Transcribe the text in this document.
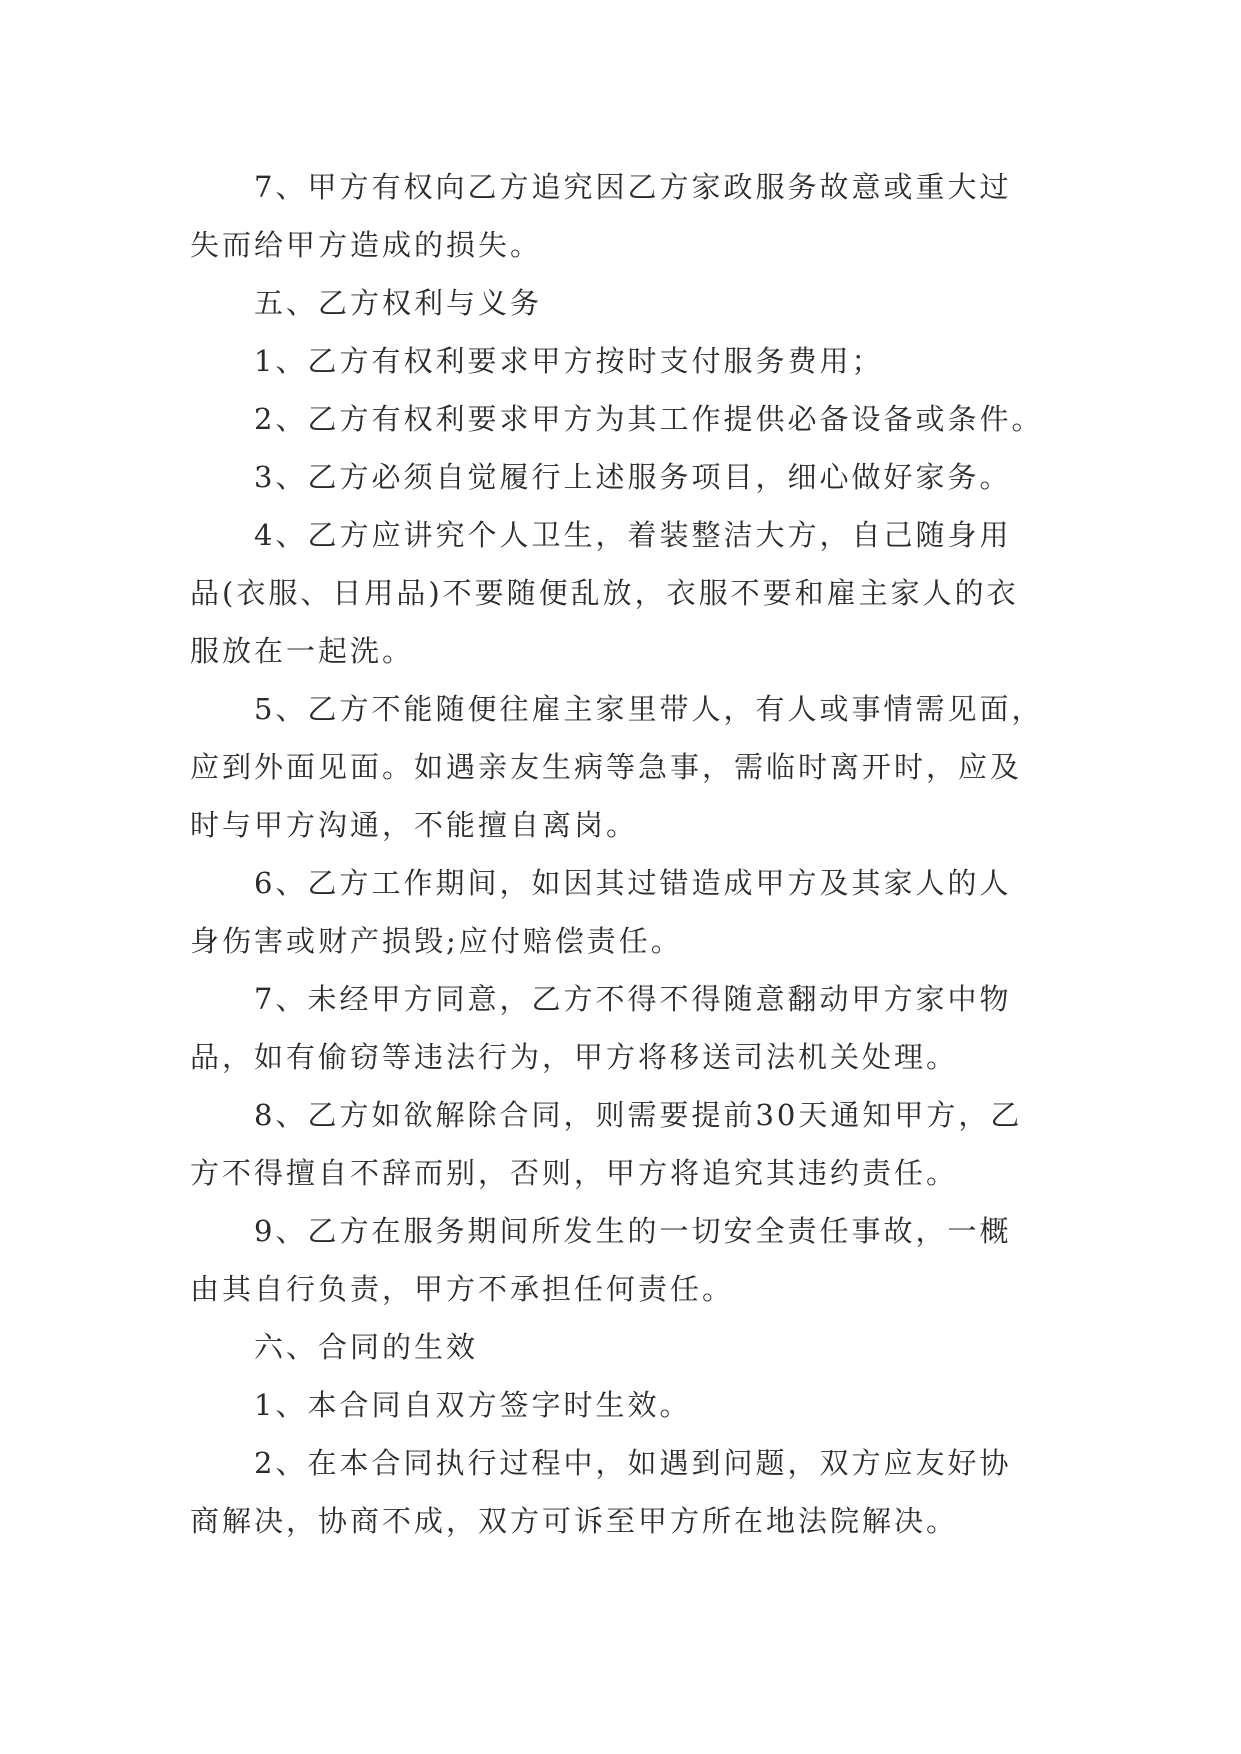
7、甲方有权向乙方追究因乙方家政服务故意或重大过
失而给甲方造成的损失。
五、乙方权利与义务
1、乙方有权利要求甲方按时支付服务费用；
2、乙方有权利要求甲方为其工作提供必备设备或条件。
3、乙方必须自觉履行上述服务项目，细心做好家务。
4、乙方应讲究个人卫生，着装整洁大方，自己随身用
品(衣服、日用品)不要随便乱放，衣服不要和雇主家人的衣
服放在一起洗。
5、乙方不能随便往雇主家里带人，有人或事情需见面，
应到外面见面。如遇亲友生病等急事，需临时离开时，应及
时与甲方沟通，不能擅自离岗。
6、乙方工作期间，如因其过错造成甲方及其家人的人
身伤害或财产损毁;应付赔偿责任。
7、未经甲方同意，乙方不得不得随意翻动甲方家中物
品，如有偷窃等违法行为，甲方将移送司法机关处理。
8、乙方如欲解除合同，则需要提前30天通知甲方，乙
方不得擅自不辞而别，否则，甲方将追究其违约责任。
9、乙方在服务期间所发生的一切安全责任事故，一概
由其自行负责，甲方不承担任何责任。
六、合同的生效
1、本合同自双方签字时生效。
2、在本合同执行过程中，如遇到问题，双方应友好协
商解决，协商不成，双方可诉至甲方所在地法院解决。
